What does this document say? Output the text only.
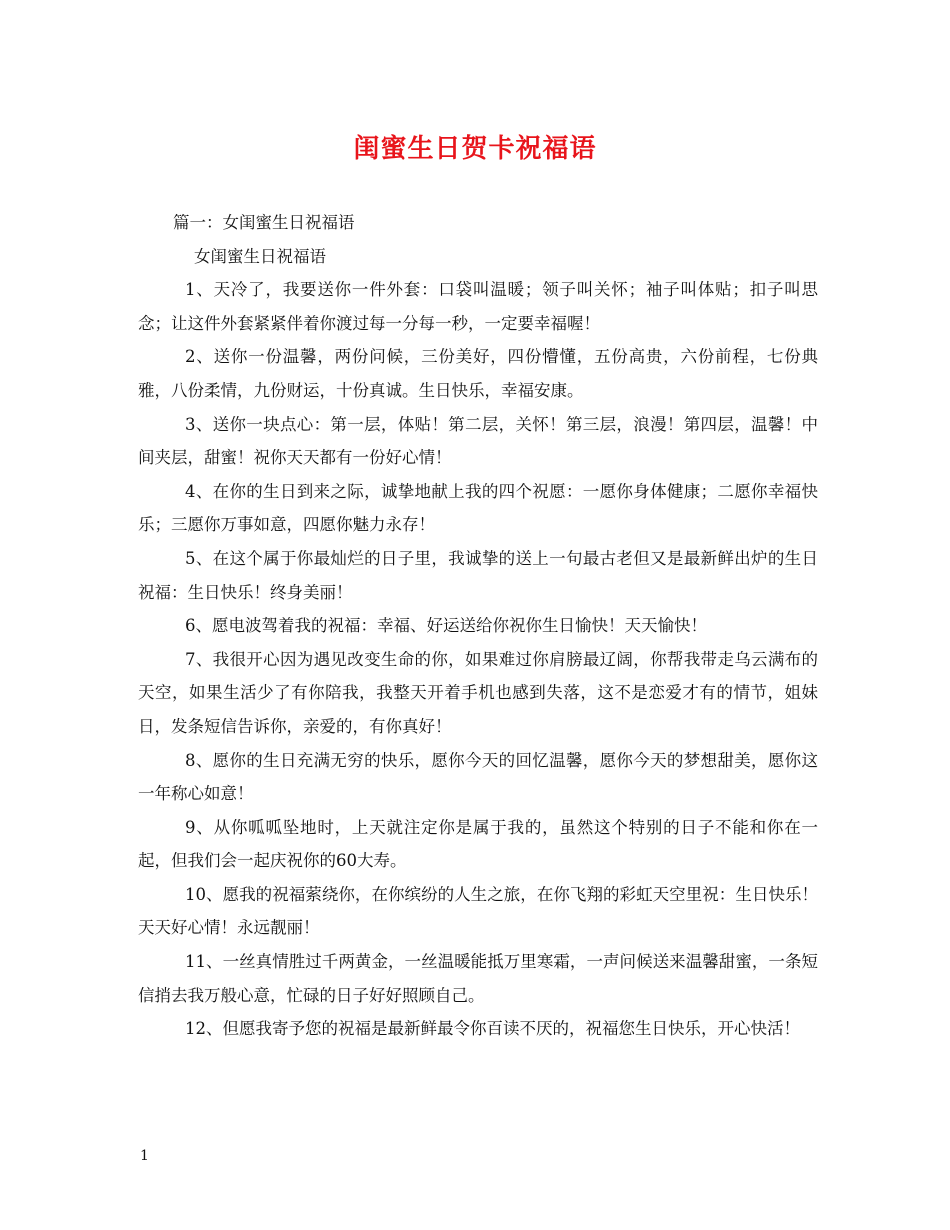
闺蜜生日贺卡祝福语

篇一：女闺蜜生日祝福语

女闺蜜生日祝福语

1、天冷了，我要送你一件外套：口袋叫温暖；领子叫关怀；袖子叫体贴；扣子叫思念；让这件外套紧紧伴着你渡过每一分每一秒，一定要幸福喔！

2、送你一份温馨，两份问候，三份美好，四份懵懂，五份高贵，六份前程，七份典雅，八份柔情，九份财运，十份真诚。生日快乐，幸福安康。

3、送你一块点心：第一层，体贴！第二层，关怀！第三层，浪漫！第四层，温馨！中间夹层，甜蜜！祝你天天都有一份好心情！

4、在你的生日到来之际，诚挚地献上我的四个祝愿：一愿你身体健康；二愿你幸福快乐；三愿你万事如意，四愿你魅力永存！

5、在这个属于你最灿烂的日子里，我诚挚的送上一句最古老但又是最新鲜出炉的生日祝福：生日快乐！终身美丽！

6、愿电波驾着我的祝福：幸福、好运送给你祝你生日愉快！天天愉快！

7、我很开心因为遇见改变生命的你，如果难过你肩膀最辽阔，你帮我带走乌云满布的天空，如果生活少了有你陪我，我整天开着手机也感到失落，这不是恋爱才有的情节，姐妹日，发条短信告诉你，亲爱的，有你真好！

8、愿你的生日充满无穷的快乐，愿你今天的回忆温馨，愿你今天的梦想甜美，愿你这一年称心如意！

9、从你呱呱坠地时，上天就注定你是属于我的，虽然这个特别的日子不能和你在一起，但我们会一起庆祝你的60大寿。

10、愿我的祝福萦绕你，在你缤纷的人生之旅，在你飞翔的彩虹天空里祝：生日快乐！天天好心情！永远靓丽！

11、一丝真情胜过千两黄金，一丝温暖能抵万里寒霜，一声问候送来温馨甜蜜，一条短信捎去我万般心意，忙碌的日子好好照顾自己。

12、但愿我寄予您的祝福是最新鲜最令你百读不厌的，祝福您生日快乐，开心快活！

1
